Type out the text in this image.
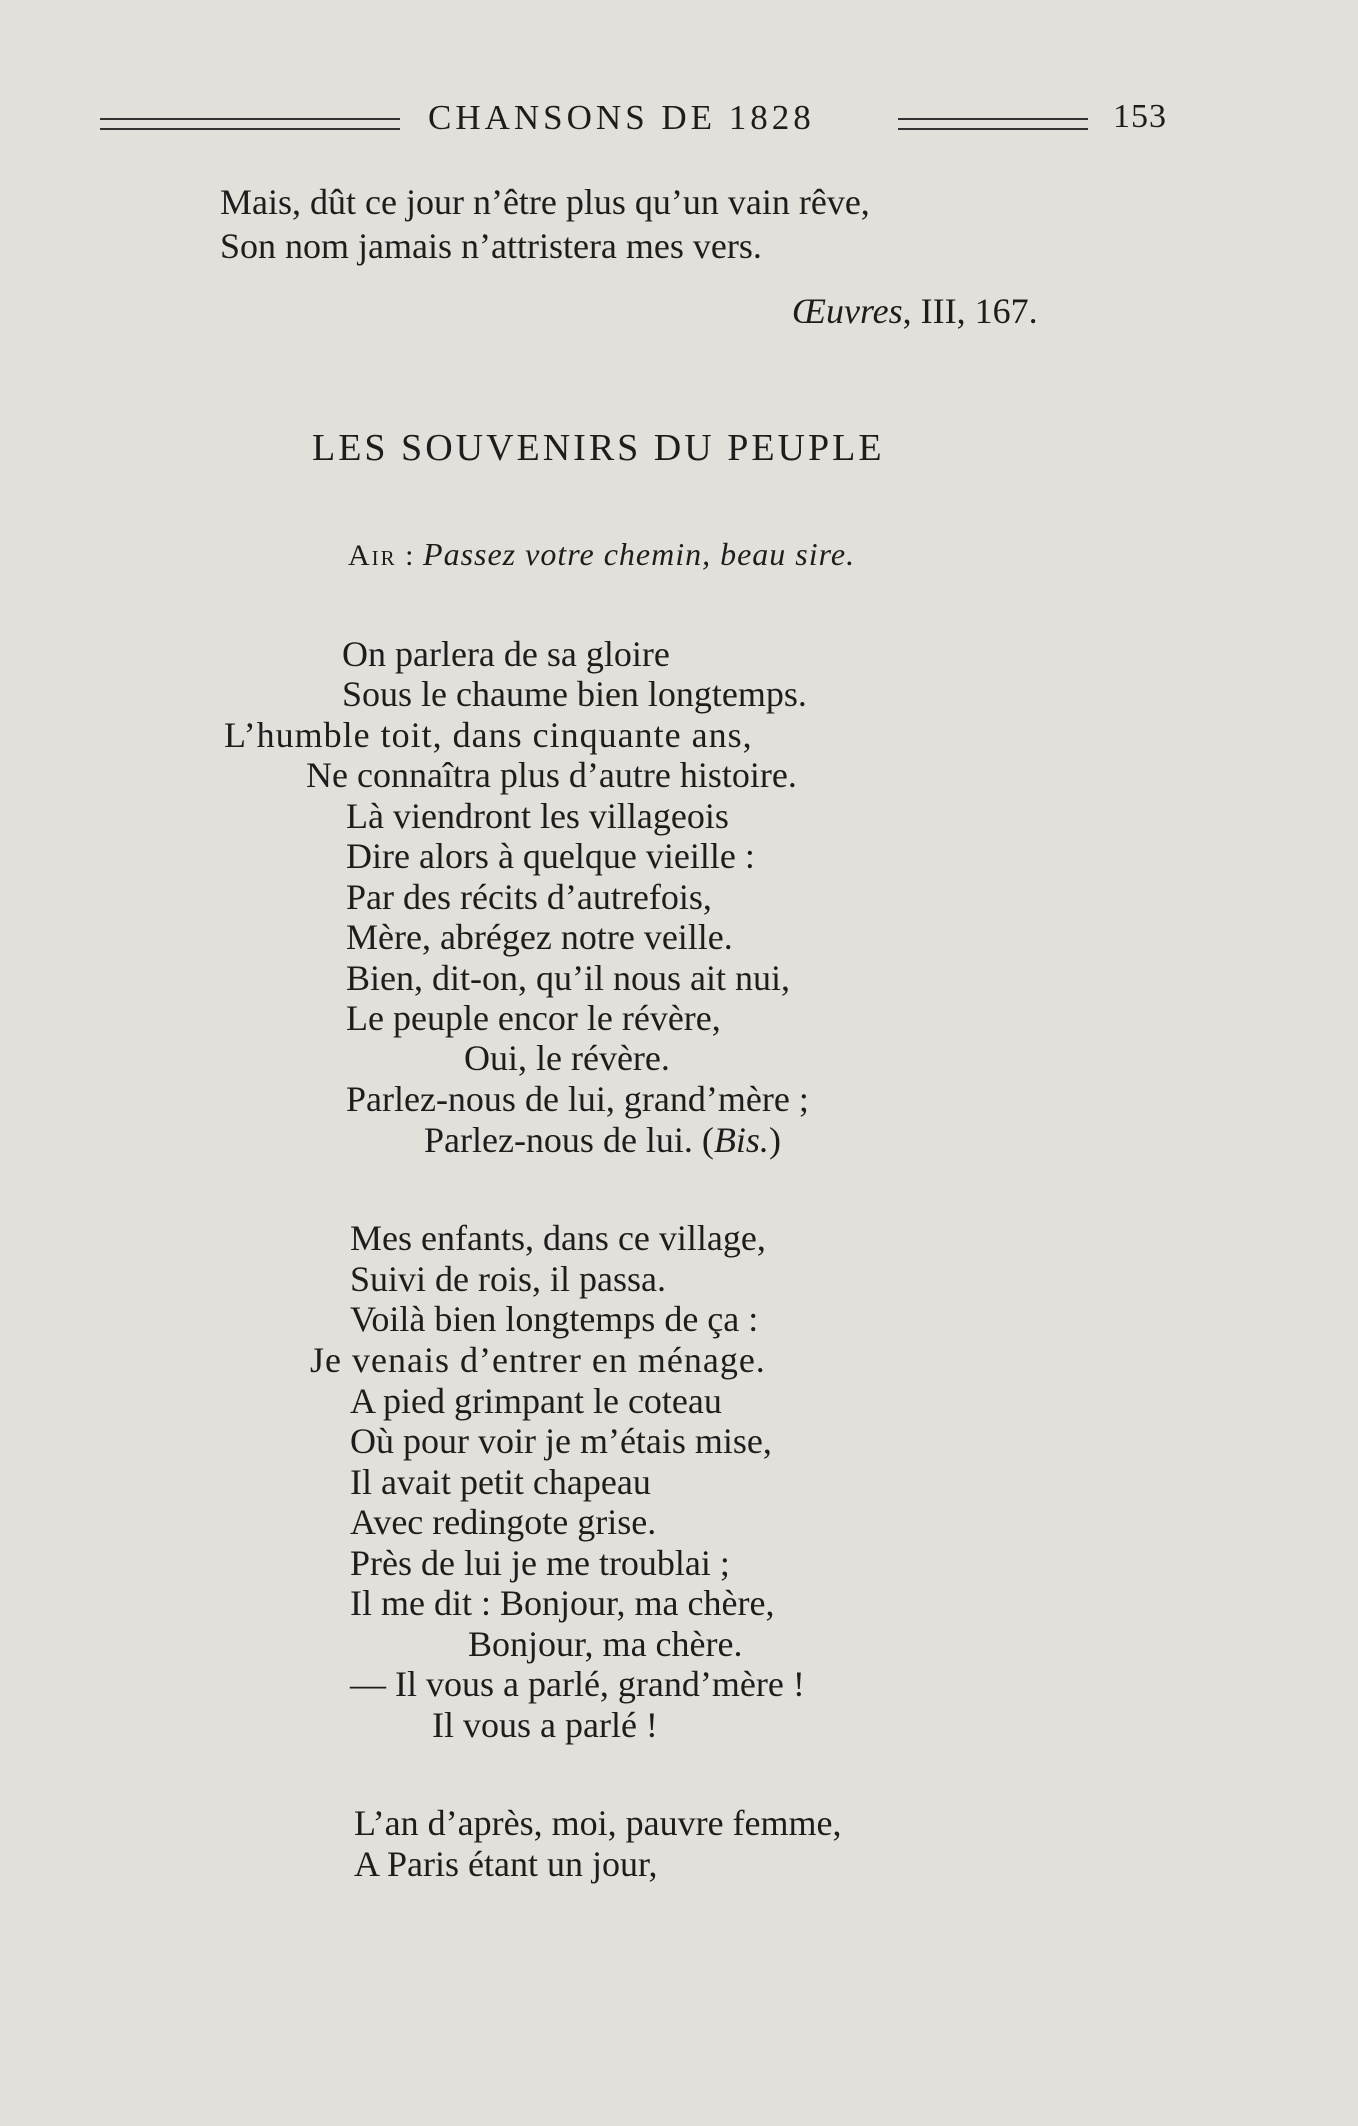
CHANSONS DE 1828	153
Mais, dût ce jour n’être plus qu’un vain rêve,
Son nom jamais n’attristera mes vers.
Œuvres, III, 167.
LES SOUVENIRS DU PEUPLE
Air : Passez votre chemin, beau sire.
On parlera de sa gloire
Sous le chaume bien longtemps.
L’humble toit, dans cinquante ans,
Ne connaîtra plus d’autre histoire.
Là viendront les villageois
Dire alors à quelque vieille :
Par des récits d’autrefois,
Mère, abrégez notre veille.
Bien, dit-on, qu’il nous ait nui,
Le peuple encor le révère,
Oui, le révère.
Parlez-nous de lui, grand’mère ;
Parlez-nous de lui. (Bis.)
Mes enfants, dans ce village,
Suivi de rois, il passa.
Voilà bien longtemps de ça :
Je venais d’entrer en ménage.
A pied grimpant le coteau
Où pour voir je m’étais mise,
Il avait petit chapeau
Avec redingote grise.
Près de lui je me troublai ;
Il me dit : Bonjour, ma chère,
Bonjour, ma chère.
— Il vous a parlé, grand’mère !
Il vous a parlé !
L’an d’après, moi, pauvre femme,
A Paris étant un jour,
